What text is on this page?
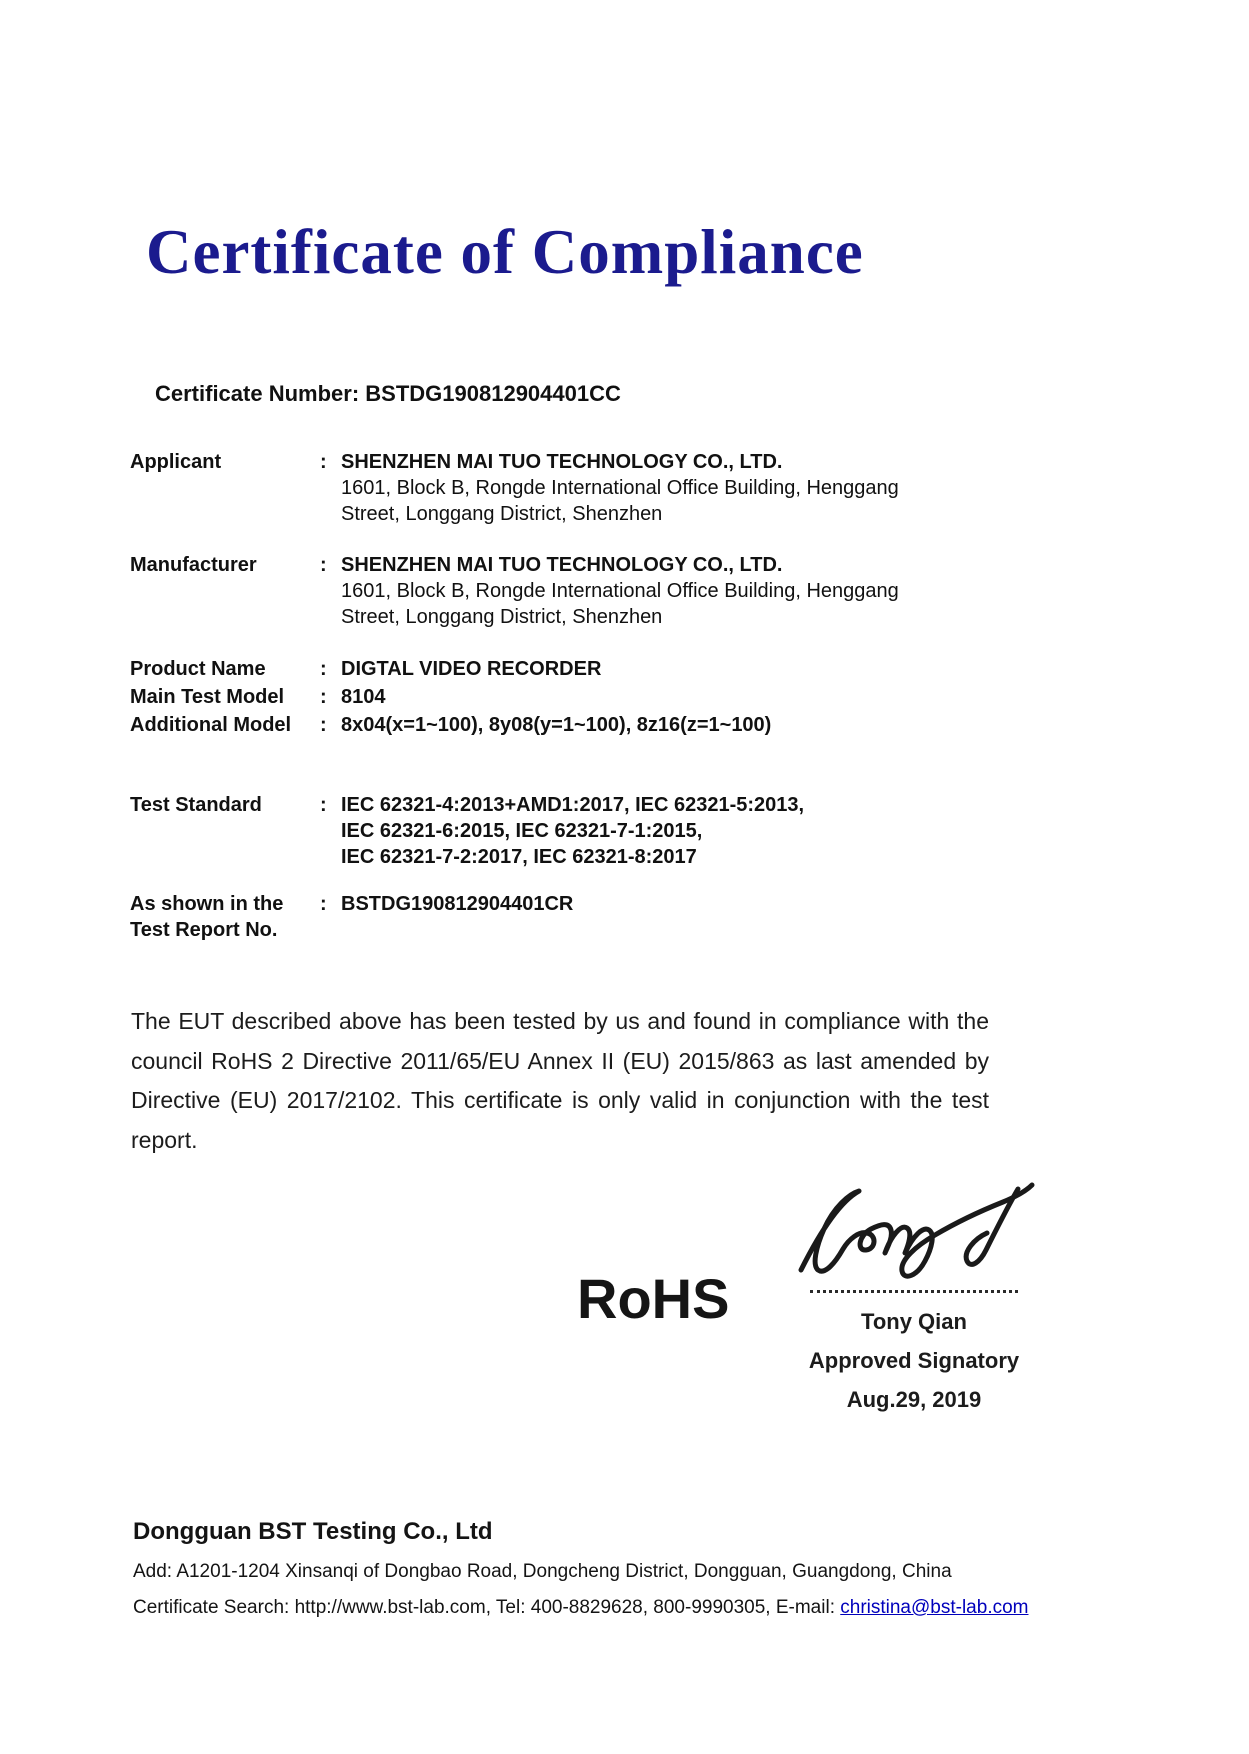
Certificate of Compliance
Certificate Number: BSTDG190812904401CC
Applicant	: SHENZHEN MAI TUO TECHNOLOGY CO., LTD.
1601, Block B, Rongde International Office Building, Henggang
Street, Longgang District, Shenzhen
Manufacturer	: SHENZHEN MAI TUO TECHNOLOGY CO., LTD.
1601, Block B, Rongde International Office Building, Henggang
Street, Longgang District, Shenzhen
Product Name	: DIGTAL VIDEO RECORDER
Main Test Model	: 8104
Additional Model	: 8x04(x=1~100), 8y08(y=1~100), 8z16(z=1~100)
Test Standard	: IEC 62321-4:2013+AMD1:2017, IEC 62321-5:2013,
IEC 62321-6:2015, IEC 62321-7-1:2015,
IEC 62321-7-2:2017, IEC 62321-8:2017
As shown in the
Test Report No.
: BSTDG190812904401CR
The EUT described above has been tested by us and found in compliance with the council RoHS 2 Directive 2011/65/EU Annex II (EU) 2015/863 as last amended by Directive (EU) 2017/2102. This certificate is only valid in conjunction with the test report.
RoHS	Tony Qian
Approved Signatory
Aug.29, 2019
Dongguan BST Testing Co., Ltd
Add: A1201-1204 Xinsanqi of Dongbao Road, Dongcheng District, Dongguan, Guangdong, China
Certificate Search: http://www.bst-lab.com, Tel: 400-8829628, 800-9990305, E-mail: christina@bst-lab.com
